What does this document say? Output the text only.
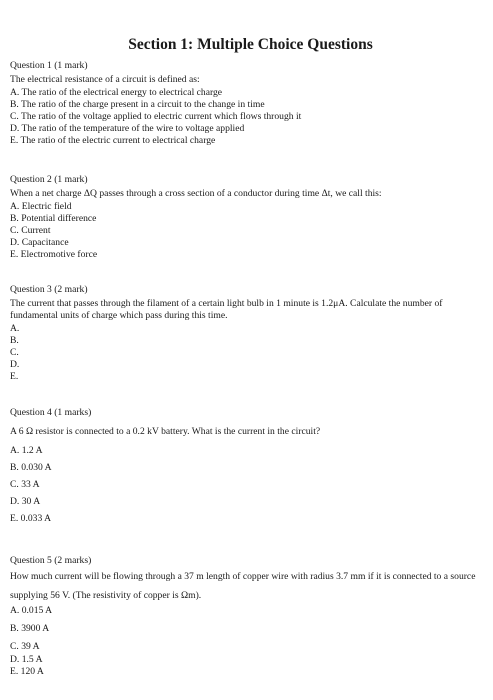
Section 1: Multiple Choice Questions
Question 1 (1 mark)
The electrical resistance of a circuit is defined as:
A. The ratio of the electrical energy to electrical charge
B. The ratio of the charge present in a circuit to the change in time
C. The ratio of the voltage applied to electric current which flows through it
D. The ratio of the temperature of the wire to voltage applied
E. The ratio of the electric current to electrical charge
Question 2 (1 mark)
When a net charge ΔQ passes through a cross section of a conductor during time Δt, we call this:
A. Electric field
B. Potential difference
C. Current
D. Capacitance
E. Electromotive force
Question 3 (2 mark)
The current that passes through the filament of a certain light bulb in 1 minute is 1.2μA. Calculate the number of fundamental units of charge which pass during this time.
A.
B.
C.
D.
E.
Question 4 (1 marks)
A 6 Ω resistor is connected to a 0.2 kV battery. What is the current in the circuit?
A. 1.2 A
B. 0.030 A
C. 33 A
D. 30 A
E. 0.033 A
Question 5 (2 marks)
How much current will be flowing through a 37 m length of copper wire with radius 3.7 mm if it is connected to a source supplying 56 V. (The resistivity of copper is Ωm).
A. 0.015 A
B. 3900 A
C. 39 A
D. 1.5 A
E. 120 A
